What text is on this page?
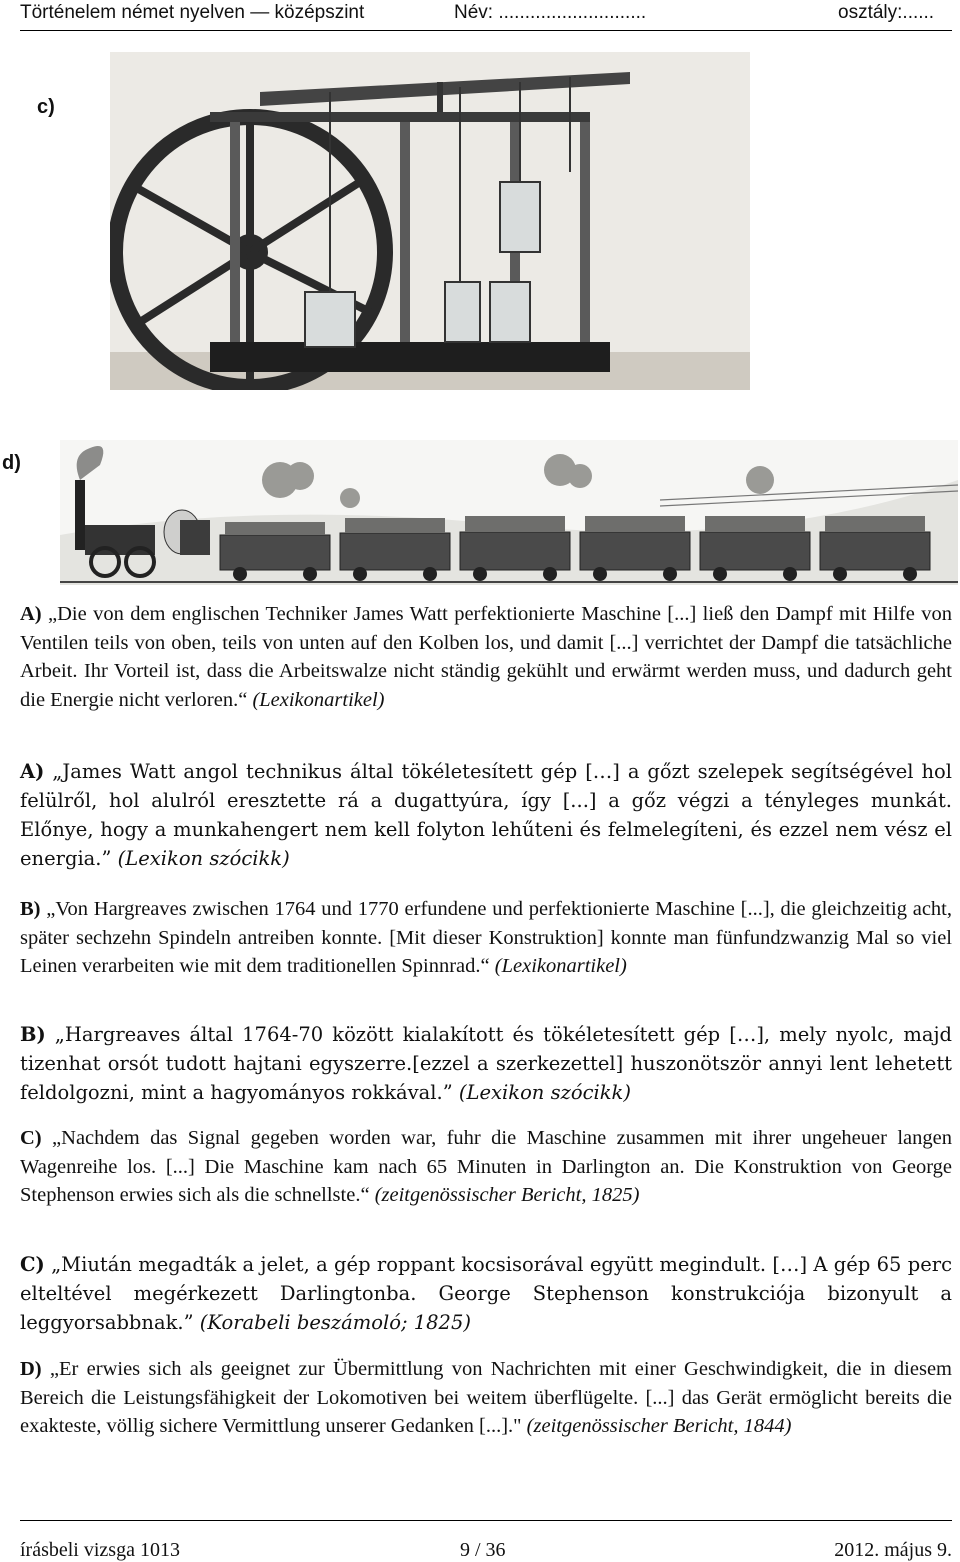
Történelem német nyelven — középszint	Név: ............................	osztály:......
c)
d)
A) „Die von dem englischen Techniker James Watt perfektionierte Maschine [...] ließ den Dampf mit Hilfe von Ventilen teils von oben, teils von unten auf den Kolben los, und damit [...] verrichtet der Dampf die tatsächliche Arbeit. Ihr Vorteil ist, dass die Arbeitswalze nicht ständig gekühlt und erwärmt werden muss, und dadurch geht die Energie nicht verloren.“ (Lexikonartikel)
A) „James Watt angol technikus által tökéletesített gép […] a gőzt szelepek segítségével hol felülről, hol alulról eresztette rá a dugattyúra, így [...] a gőz végzi a tényleges munkát. Előnye, hogy a munkahengert nem kell folyton lehűteni és felmelegíteni, és ezzel nem vész el energia.” (Lexikon szócikk)
B) „Von Hargreaves zwischen 1764 und 1770 erfundene und perfektionierte Maschine [...], die gleichzeitig acht, später sechzehn Spindeln antreiben konnte. [Mit dieser Konstruktion] konnte man fünfundzwanzig Mal so viel Leinen verarbeiten wie mit dem traditionellen Spinnrad.“ (Lexikonartikel)
B) „Hargreaves által 1764-70 között kialakított és tökéletesített gép […], mely nyolc, majd tizenhat orsót tudott hajtani egyszerre.[ezzel a szerkezettel] huszonötször annyi lent lehetett feldolgozni, mint a hagyományos rokkával.” (Lexikon szócikk)
C) „Nachdem das Signal gegeben worden war, fuhr die Maschine zusammen mit ihrer ungeheuer langen Wagenreihe los. [...] Die Maschine kam nach 65 Minuten in Darlington an. Die Konstruktion von George Stephenson erwies sich als die schnellste.“ (zeitgenössischer Bericht, 1825)
C) „Miután megadták a jelet, a gép roppant kocsisorával együtt megindult. […] A gép 65 perc elteltével megérkezett Darlingtonba. George Stephenson konstrukciója bizonyult a leggyorsabbnak.” (Korabeli beszámoló; 1825)
D) „Er erwies sich als geeignet zur Übermittlung von Nachrichten mit einer Geschwindigkeit, die in diesem Bereich die Leistungsfähigkeit der Lokomotiven bei weitem überflügelte. [...] das Gerät ermöglicht bereits die exakteste, völlig sichere Vermittlung unserer Gedanken [...]." (zeitgenössischer Bericht, 1844)
írásbeli vizsga 1013	9 / 36	2012. május 9.
